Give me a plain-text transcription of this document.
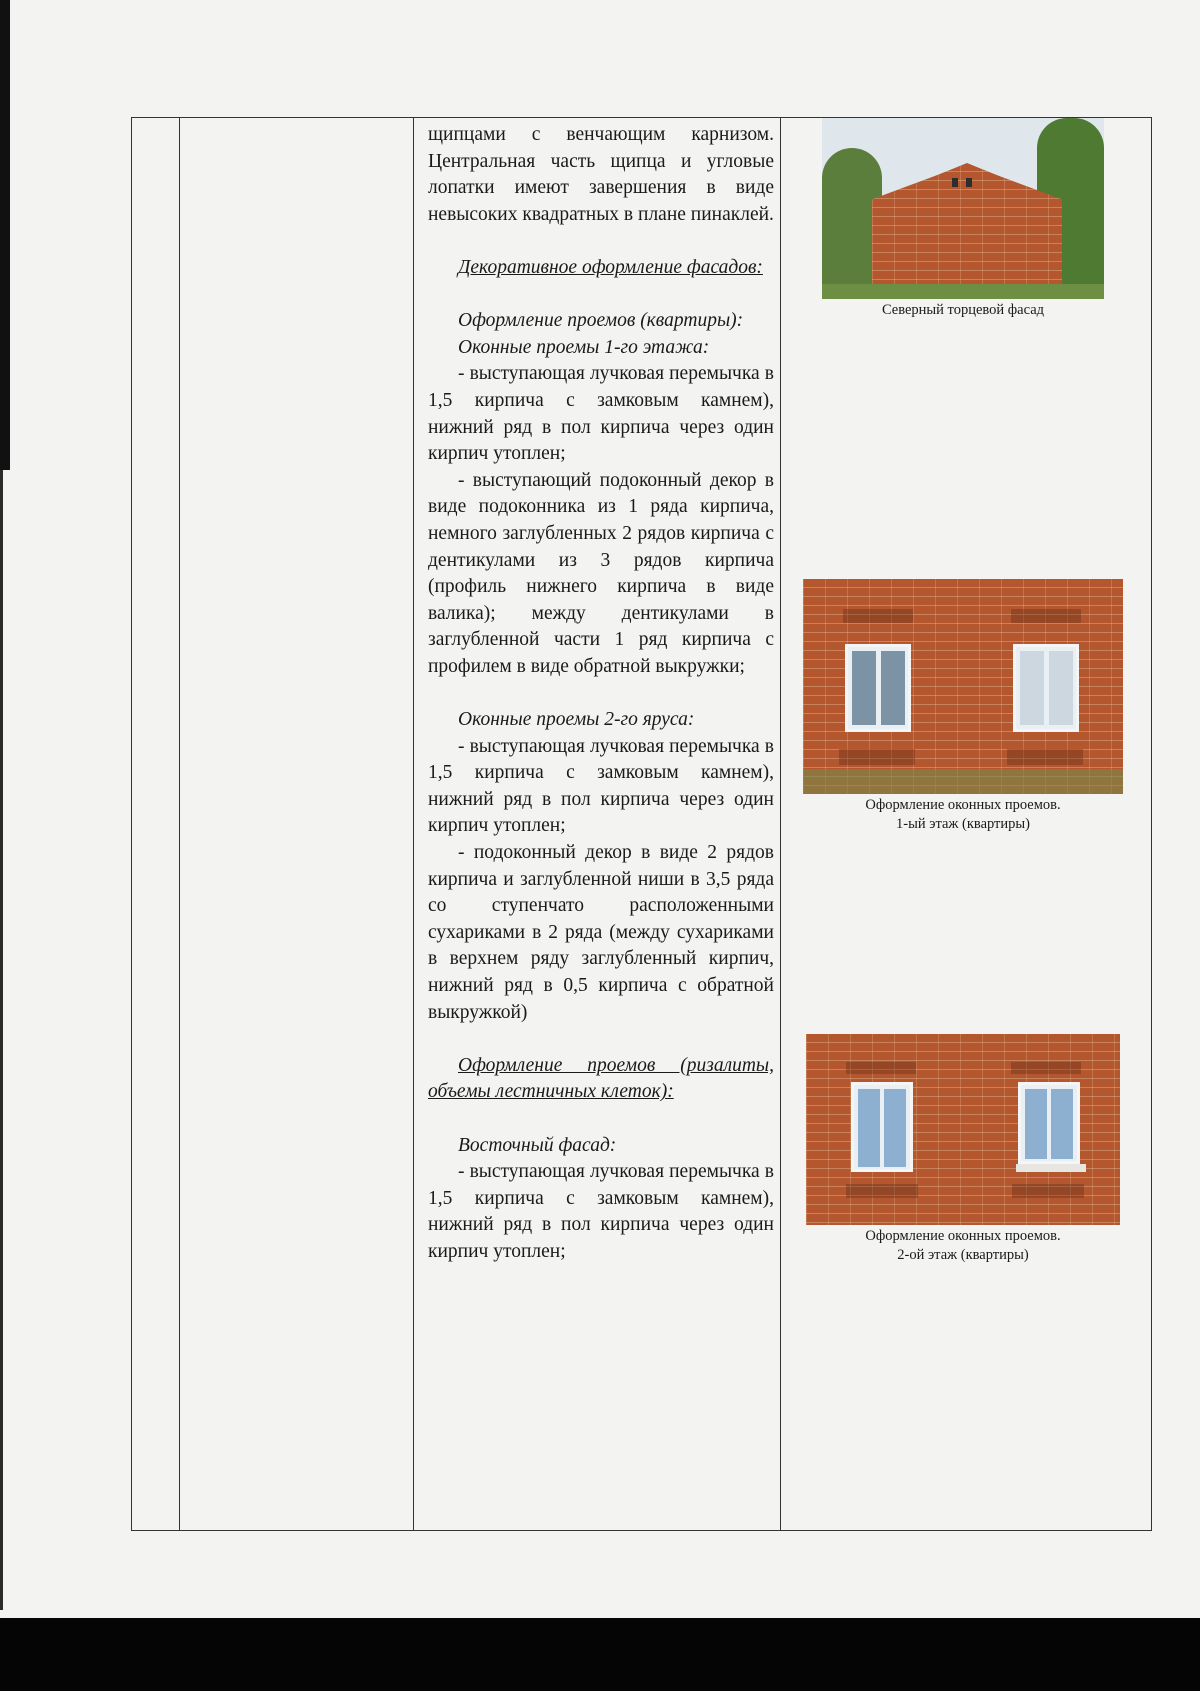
щипцами с венчающим карнизом. Центральная часть щипца и угловые лопатки имеют завершения в виде невысоких квадратных в плане пинаклей.

Декоративное оформление фасадов:

Оформление проемов (квартиры):

Оконные проемы 1-го этажа:

- выступающая лучковая перемычка в 1,5 кирпича с замковым камнем), нижний ряд в пол кирпича через один кирпич утоплен;

- выступающий подоконный декор в виде подоконника из 1 ряда кирпича, немного заглубленных 2 рядов кирпича с дентикулами из 3 рядов кирпича (профиль нижнего кирпича в виде валика); между дентикулами в заглубленной части 1 ряд кирпича с профилем в виде обратной выкружки;

Оконные проемы 2-го яруса:

- выступающая лучковая перемычка в 1,5 кирпича с замковым камнем), нижний ряд в пол кирпича через один кирпич утоплен;

- подоконный декор в виде 2 рядов кирпича и заглубленной ниши в 3,5 ряда со ступенчато расположенными сухариками в 2 ряда (между сухариками в верхнем ряду заглубленный кирпич, нижний ряд в 0,5 кирпича с обратной выкружкой)

Оформление проемов (ризалиты, объемы лестничных клеток):

Восточный фасад:

- выступающая лучковая перемычка в 1,5 кирпича с замковым камнем), нижний ряд в пол кирпича через один кирпич утоплен;

Северный торцевой фасад
Оформление оконных проемов.
1-ый этаж (квартиры)
Оформление оконных проемов.
2-ой этаж (квартиры)
